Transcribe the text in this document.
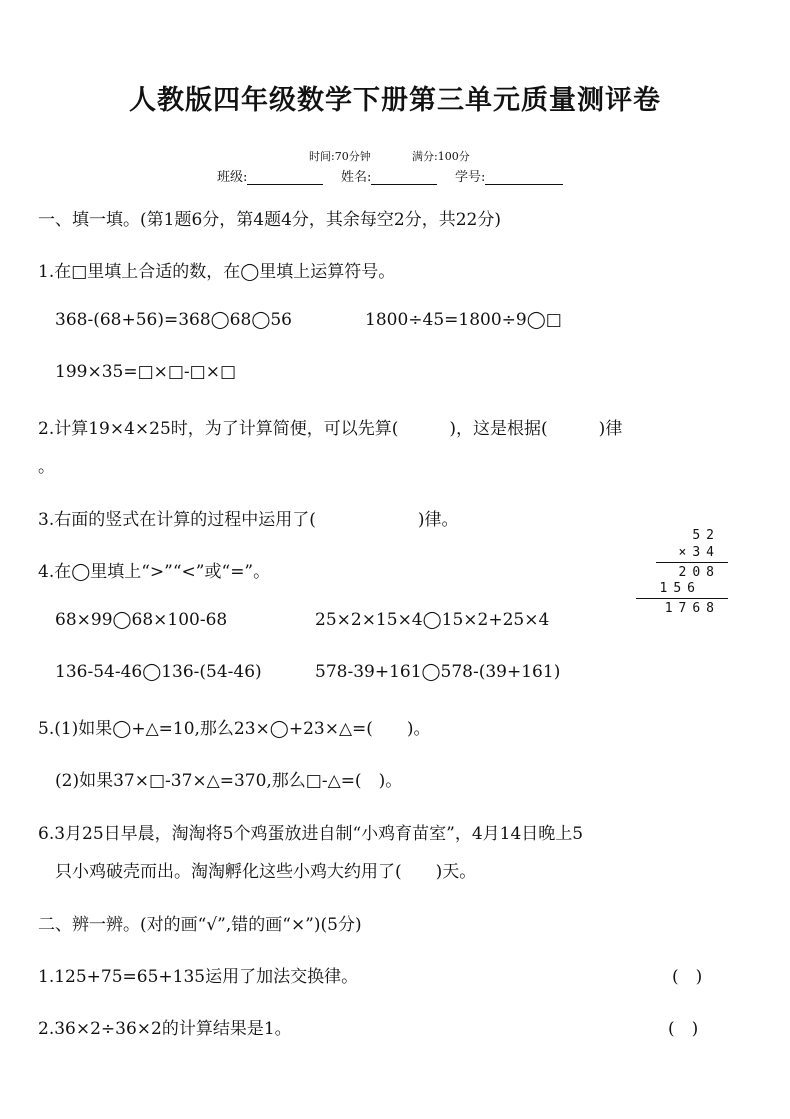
人教版四年级数学下册第三单元质量测评卷
时间:70分钟	满分:100分
班级:	姓名:	学号:
一、填一填。(第1题6分，第4题4分，其余每空2分，共22分)
1.在□里填上合适的数，在◯里填上运算符号。
368-(68+56)=368◯68◯56	1800÷45=1800÷9◯□
199×35=□×□-□×□
2.计算19×4×25时，为了计算简便，可以先算(　　　)，这是根据(　　　)律
。
3.右面的竖式在计算的过程中运用了(　　　　　　)律。
52
×34
208
156
1768
4.在◯里填上“>”“<”或“=”。
68×99◯68×100-68	25×2×15×4◯15×2+25×4
136-54-46◯136-(54-46)	578-39+161◯578-(39+161)
5.(1)如果◯+△=10,那么23×◯+23×△=(　　)。
(2)如果37×□-37×△=370,那么□-△=(　)。
6.3月25日早晨，淘淘将5个鸡蛋放进自制“小鸡育苗室”，4月14日晚上5
只小鸡破壳而出。淘淘孵化这些小鸡大约用了(　　)天。
二、辨一辨。(对的画“√”,错的画“×”)(5分)
1.125+75=65+135运用了加法交换律。	(　)
2.36×2÷36×2的计算结果是1。	(　)
